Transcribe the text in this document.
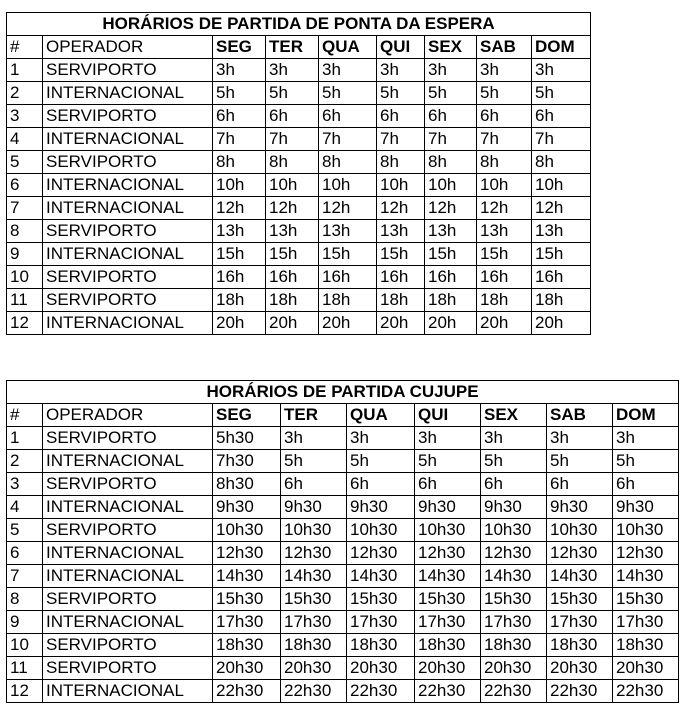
HORÁRIOS DE PARTIDA DE PONTA DA ESPERA								
#	OPERADOR	SEG	TER	QUA	QUI	SEX	SAB	DOM
1	SERVIPORTO	3h	3h	3h	3h	3h	3h	3h
2	INTERNACIONAL	5h	5h	5h	5h	5h	5h	5h
3	SERVIPORTO	6h	6h	6h	6h	6h	6h	6h
4	INTERNACIONAL	7h	7h	7h	7h	7h	7h	7h
5	SERVIPORTO	8h	8h	8h	8h	8h	8h	8h
6	INTERNACIONAL	10h	10h	10h	10h	10h	10h	10h
7	INTERNACIONAL	12h	12h	12h	12h	12h	12h	12h
8	SERVIPORTO	13h	13h	13h	13h	13h	13h	13h
9	INTERNACIONAL	15h	15h	15h	15h	15h	15h	15h
10	SERVIPORTO	16h	16h	16h	16h	16h	16h	16h
11	SERVIPORTO	18h	18h	18h	18h	18h	18h	18h
12	INTERNACIONAL	20h	20h	20h	20h	20h	20h	20h
HORÁRIOS DE PARTIDA CUJUPE								
#	OPERADOR	SEG	TER	QUA	QUI	SEX	SAB	DOM
1	SERVIPORTO	5h30	3h	3h	3h	3h	3h	3h
2	INTERNACIONAL	7h30	5h	5h	5h	5h	5h	5h
3	SERVIPORTO	8h30	6h	6h	6h	6h	6h	6h
4	INTERNACIONAL	9h30	9h30	9h30	9h30	9h30	9h30	9h30
5	SERVIPORTO	10h30	10h30	10h30	10h30	10h30	10h30	10h30
6	INTERNACIONAL	12h30	12h30	12h30	12h30	12h30	12h30	12h30
7	INTERNACIONAL	14h30	14h30	14h30	14h30	14h30	14h30	14h30
8	SERVIPORTO	15h30	15h30	15h30	15h30	15h30	15h30	15h30
9	INTERNACIONAL	17h30	17h30	17h30	17h30	17h30	17h30	17h30
10	SERVIPORTO	18h30	18h30	18h30	18h30	18h30	18h30	18h30
11	SERVIPORTO	20h30	20h30	20h30	20h30	20h30	20h30	20h30
12	INTERNACIONAL	22h30	22h30	22h30	22h30	22h30	22h30	22h30
